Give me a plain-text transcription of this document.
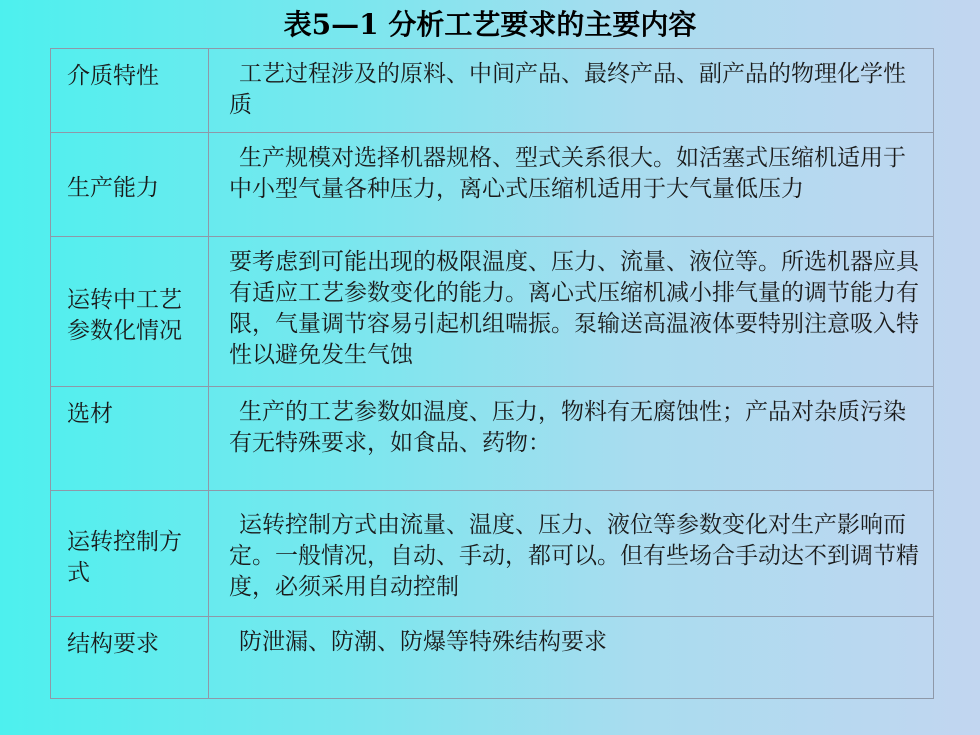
表5—1 分析工艺要求的主要内容
介质特性	工艺过程涉及的原料、中间产品、最终产品、副产品的物理化学性质
生产能力	生产规模对选择机器规格、型式关系很大。如活塞式压缩机适用于中小型气量各种压力，离心式压缩机适用于大气量低压力
运转中工艺参数化情况	要考虑到可能出现的极限温度、压力、流量、液位等。所选机器应具有适应工艺参数变化的能力。离心式压缩机减小排气量的调节能力有限，气量调节容易引起机组喘振。泵输送高温液体要特别注意吸入特性以避免发生气蚀
选材	生产的工艺参数如温度、压力，物料有无腐蚀性；产品对杂质污染有无特殊要求，如食品、药物：
运转控制方式	运转控制方式由流量、温度、压力、液位等参数变化对生产影响而定。一般情况，自动、手动，都可以。但有些场合手动达不到调节精度，必须采用自动控制
结构要求	防泄漏、防潮、防爆等特殊结构要求
